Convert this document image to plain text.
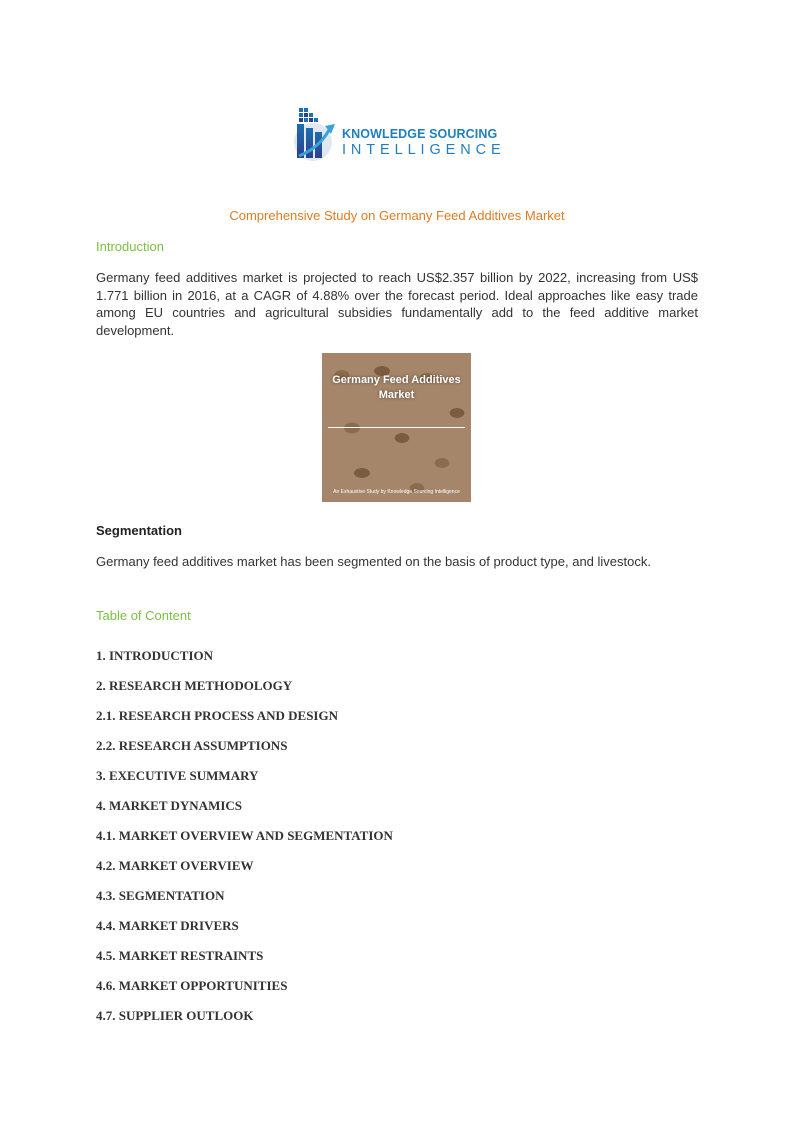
KNOWLEDGE SOURCING
INTELLIGENCE
Comprehensive Study on Germany Feed Additives Market
Introduction
Germany feed additives market is projected to reach US$2.357 billion by 2022, increasing from US$ 1.771 billion in 2016, at a CAGR of 4.88% over the forecast period. Ideal approaches like easy trade among EU countries and agricultural subsidies fundamentally add to the feed additive market development.
Germany Feed Additives Market
An Exhaustive Study by Knowledge Sourcing Intelligence
Segmentation
Germany feed additives market has been segmented on the basis of product type, and livestock.
Table of Content
1. INTRODUCTION
2. RESEARCH METHODOLOGY
2.1. RESEARCH PROCESS AND DESIGN
2.2. RESEARCH ASSUMPTIONS
3. EXECUTIVE SUMMARY
4. MARKET DYNAMICS
4.1. MARKET OVERVIEW AND SEGMENTATION
4.2. MARKET OVERVIEW
4.3. SEGMENTATION
4.4. MARKET DRIVERS
4.5. MARKET RESTRAINTS
4.6. MARKET OPPORTUNITIES
4.7. SUPPLIER OUTLOOK
